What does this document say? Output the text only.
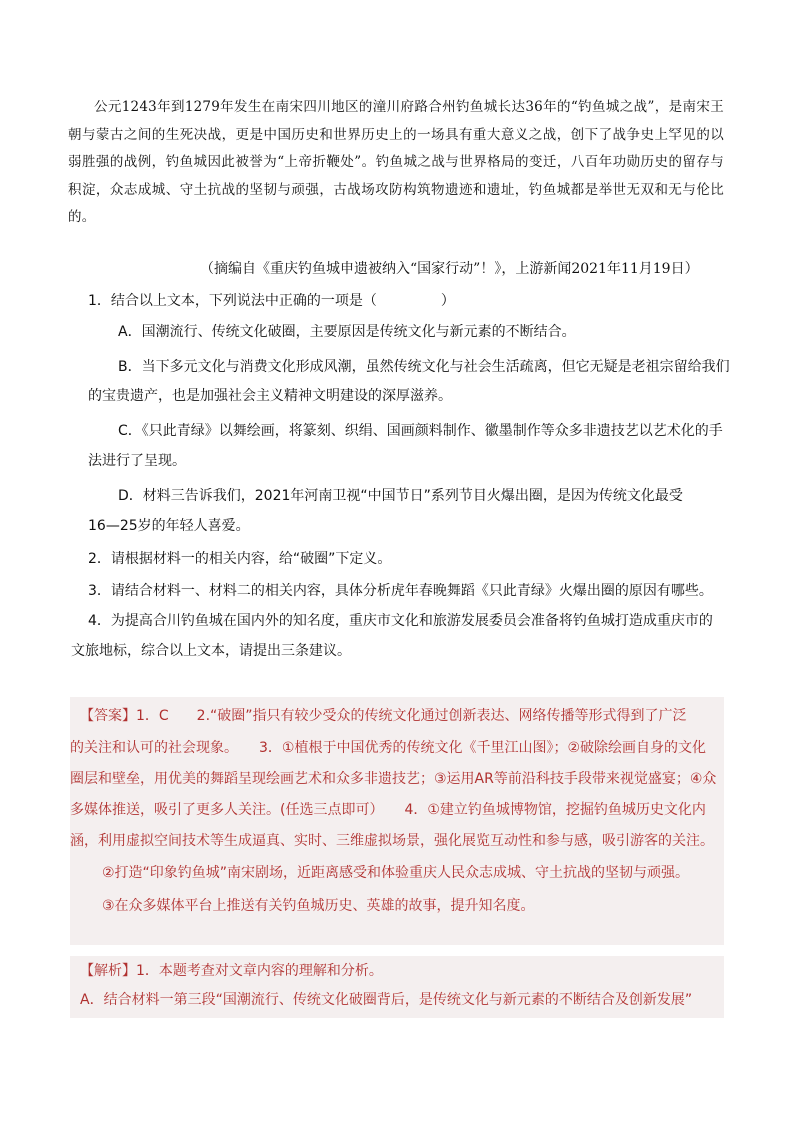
公元1243年到1279年发生在南宋四川地区的潼川府路合州钓鱼城长达36年的“钓鱼城之战”，是南宋王朝与蒙古之间的生死决战，更是中国历史和世界历史上的一场具有重大意义之战，创下了战争史上罕见的以弱胜强的战例，钓鱼城因此被誉为“上帝折鞭处”。钓鱼城之战与世界格局的变迁，八百年功勋历史的留存与积淀，众志成城、守土抗战的坚韧与顽强，古战场攻防构筑物遗迹和遗址，钓鱼城都是举世无双和无与伦比的。
（摘编自《重庆钓鱼城申遗被纳入“国家行动”！》，上游新闻2021年11月19日）
1．结合以上文本，下列说法中正确的一项是（	）
A．国潮流行、传统文化破圈，主要原因是传统文化与新元素的不断结合。
B．当下多元文化与消费文化形成风潮，虽然传统文化与社会生活疏离，但它无疑是老祖宗留给我们
的宝贵遗产，也是加强社会主义精神文明建设的深厚滋养。
C．《只此青绿》以舞绘画，将篆刻、织绢、国画颜料制作、徽墨制作等众多非遗技艺以艺术化的手
法进行了呈现。
D．材料三告诉我们，2021年河南卫视“中国节日”系列节目火爆出圈，是因为传统文化最受
16—25岁的年轻人喜爱。
2．请根据材料一的相关内容，给“破圈”下定义。
3．请结合材料一、材料二的相关内容，具体分析虎年春晚舞蹈《只此青绿》火爆出圈的原因有哪些。
4．为提高合川钓鱼城在国内外的知名度，重庆市文化和旅游发展委员会准备将钓鱼城打造成重庆市的
文旅地标，综合以上文本，请提出三条建议。
【答案】1．C　　2.“破圈”指只有较少受众的传统文化通过创新表达、网络传播等形式得到了广泛
的关注和认可的社会现象。　　3．①植根于中国优秀的传统文化《千里江山图》；②破除绘画自身的文化
圈层和壁垒，用优美的舞蹈呈现绘画艺术和众多非遗技艺；③运用AR等前沿科技手段带来视觉盛宴；④众
多媒体推送，吸引了更多人关注。(任选三点即可）　　4．①建立钓鱼城博物馆，挖掘钓鱼城历史文化内
涵，利用虚拟空间技术等生成逼真、实时、三维虚拟场景，强化展览互动性和参与感，吸引游客的关注。
②打造“印象钓鱼城”南宋剧场，近距离感受和体验重庆人民众志成城、守土抗战的坚韧与顽强。
③在众多媒体平台上推送有关钓鱼城历史、英雄的故事，提升知名度。
【解析】1．本题考查对文章内容的理解和分析。
A．结合材料一第三段“国潮流行、传统文化破圈背后，是传统文化与新元素的不断结合及创新发展”
